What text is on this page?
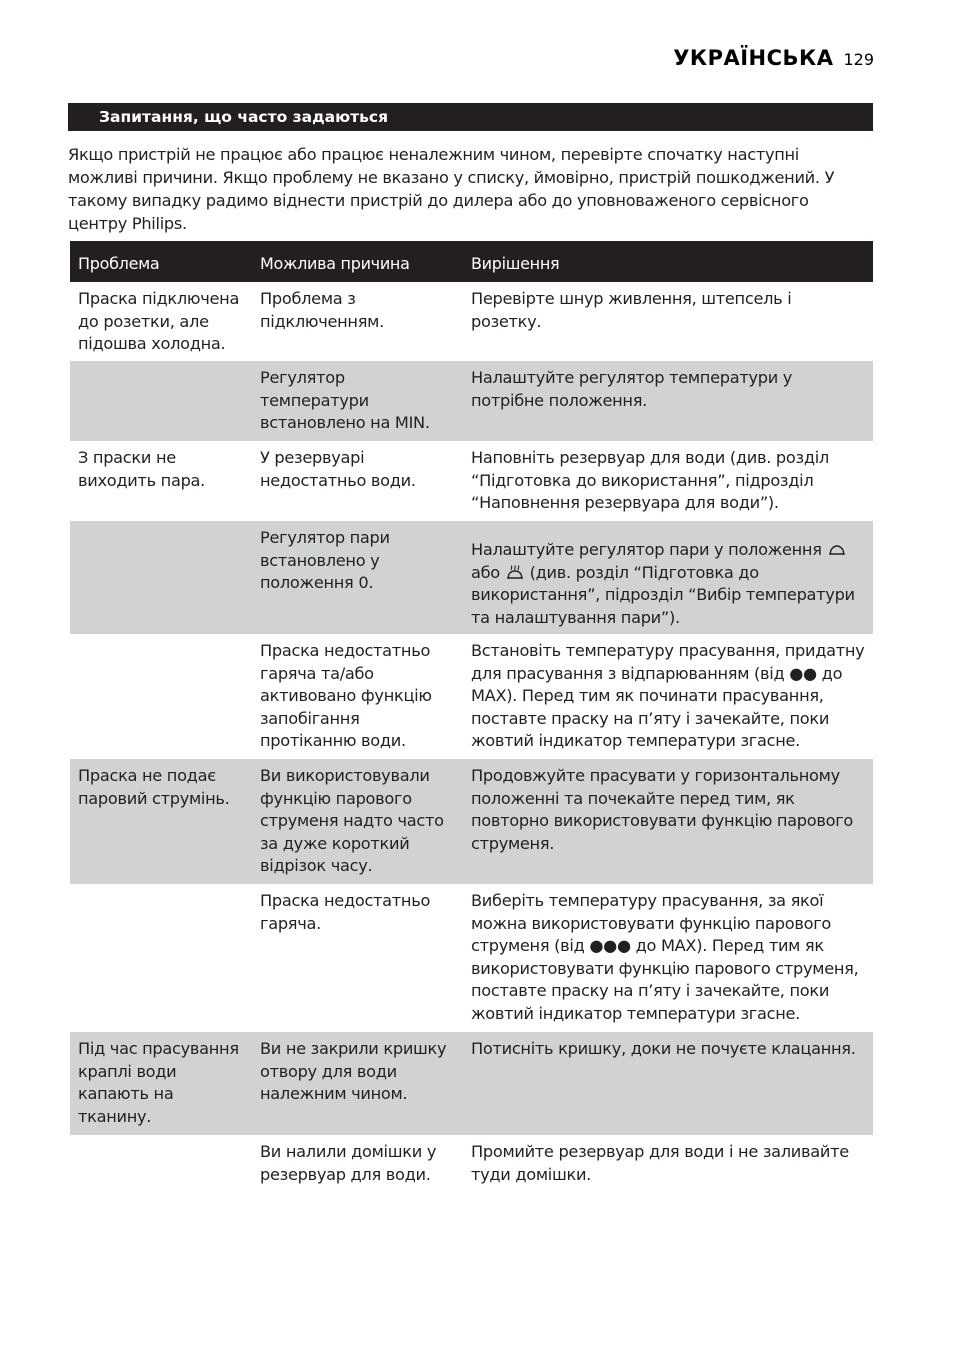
УКРАЇНСЬКА 129
Запитання, що часто задаються

Якщо пристрій не працює або працює неналежним чином, перевірте спочатку наступні можливі причини. Якщо проблему не вказано у списку, ймовірно, пристрій пошкоджений. У такому випадку радимо віднести пристрій до дилера або до уповноваженого сервісного центру Philips.

Проблема	Можлива причина	Вирішення
Праска підключена до розетки, але підошва холодна.
Проблема з підключенням.
Перевірте шнур живлення, штепсель і розетку.
Регулятор температури встановлено на MIN.
Налаштуйте регулятор температури у потрібне положення.
З праски не виходить пара.
У резервуарі недостатньо води.
Наповніть резервуар для води (див. розділ “Підготовка до використання”, підрозділ “Наповнення резервуара для води”).
Регулятор пари встановлено у положення 0.
Налаштуйте регулятор пари у положення  або  (див. розділ “Підготовка до використання”, підрозділ “Вибір температури та налаштування пари”).
Праска недостатньо гаряча та/або активовано функцію запобігання протіканню води.
Встановіть температуру прасування, придатну для прасування з відпарюванням (від ●● до MAX). Перед тим як починати прасування, поставте праску на п’яту і зачекайте, поки жовтий індикатор температури згасне.
Праска не подає паровий струмінь.
Ви використовували функцію парового струменя надто часто за дуже короткий відрізок часу.
Продовжуйте прасувати у горизонтальному положенні та почекайте перед тим, як повторно використовувати функцію парового струменя.
Праска недостатньо гаряча.
Виберіть температуру прасування, за якої можна використовувати функцію парового струменя (від ●●● до MAX). Перед тим як використовувати функцію парового струменя, поставте праску на п’яту і зачекайте, поки жовтий індикатор температури згасне.
Під час прасування краплі води капають на тканину.
Ви не закрили кришку отвору для води належним чином.
Потисніть кришку, доки не почуєте клацання.
Ви налили домішки у резервуар для води.
Промийте резервуар для води і не заливайте туди домішки.
